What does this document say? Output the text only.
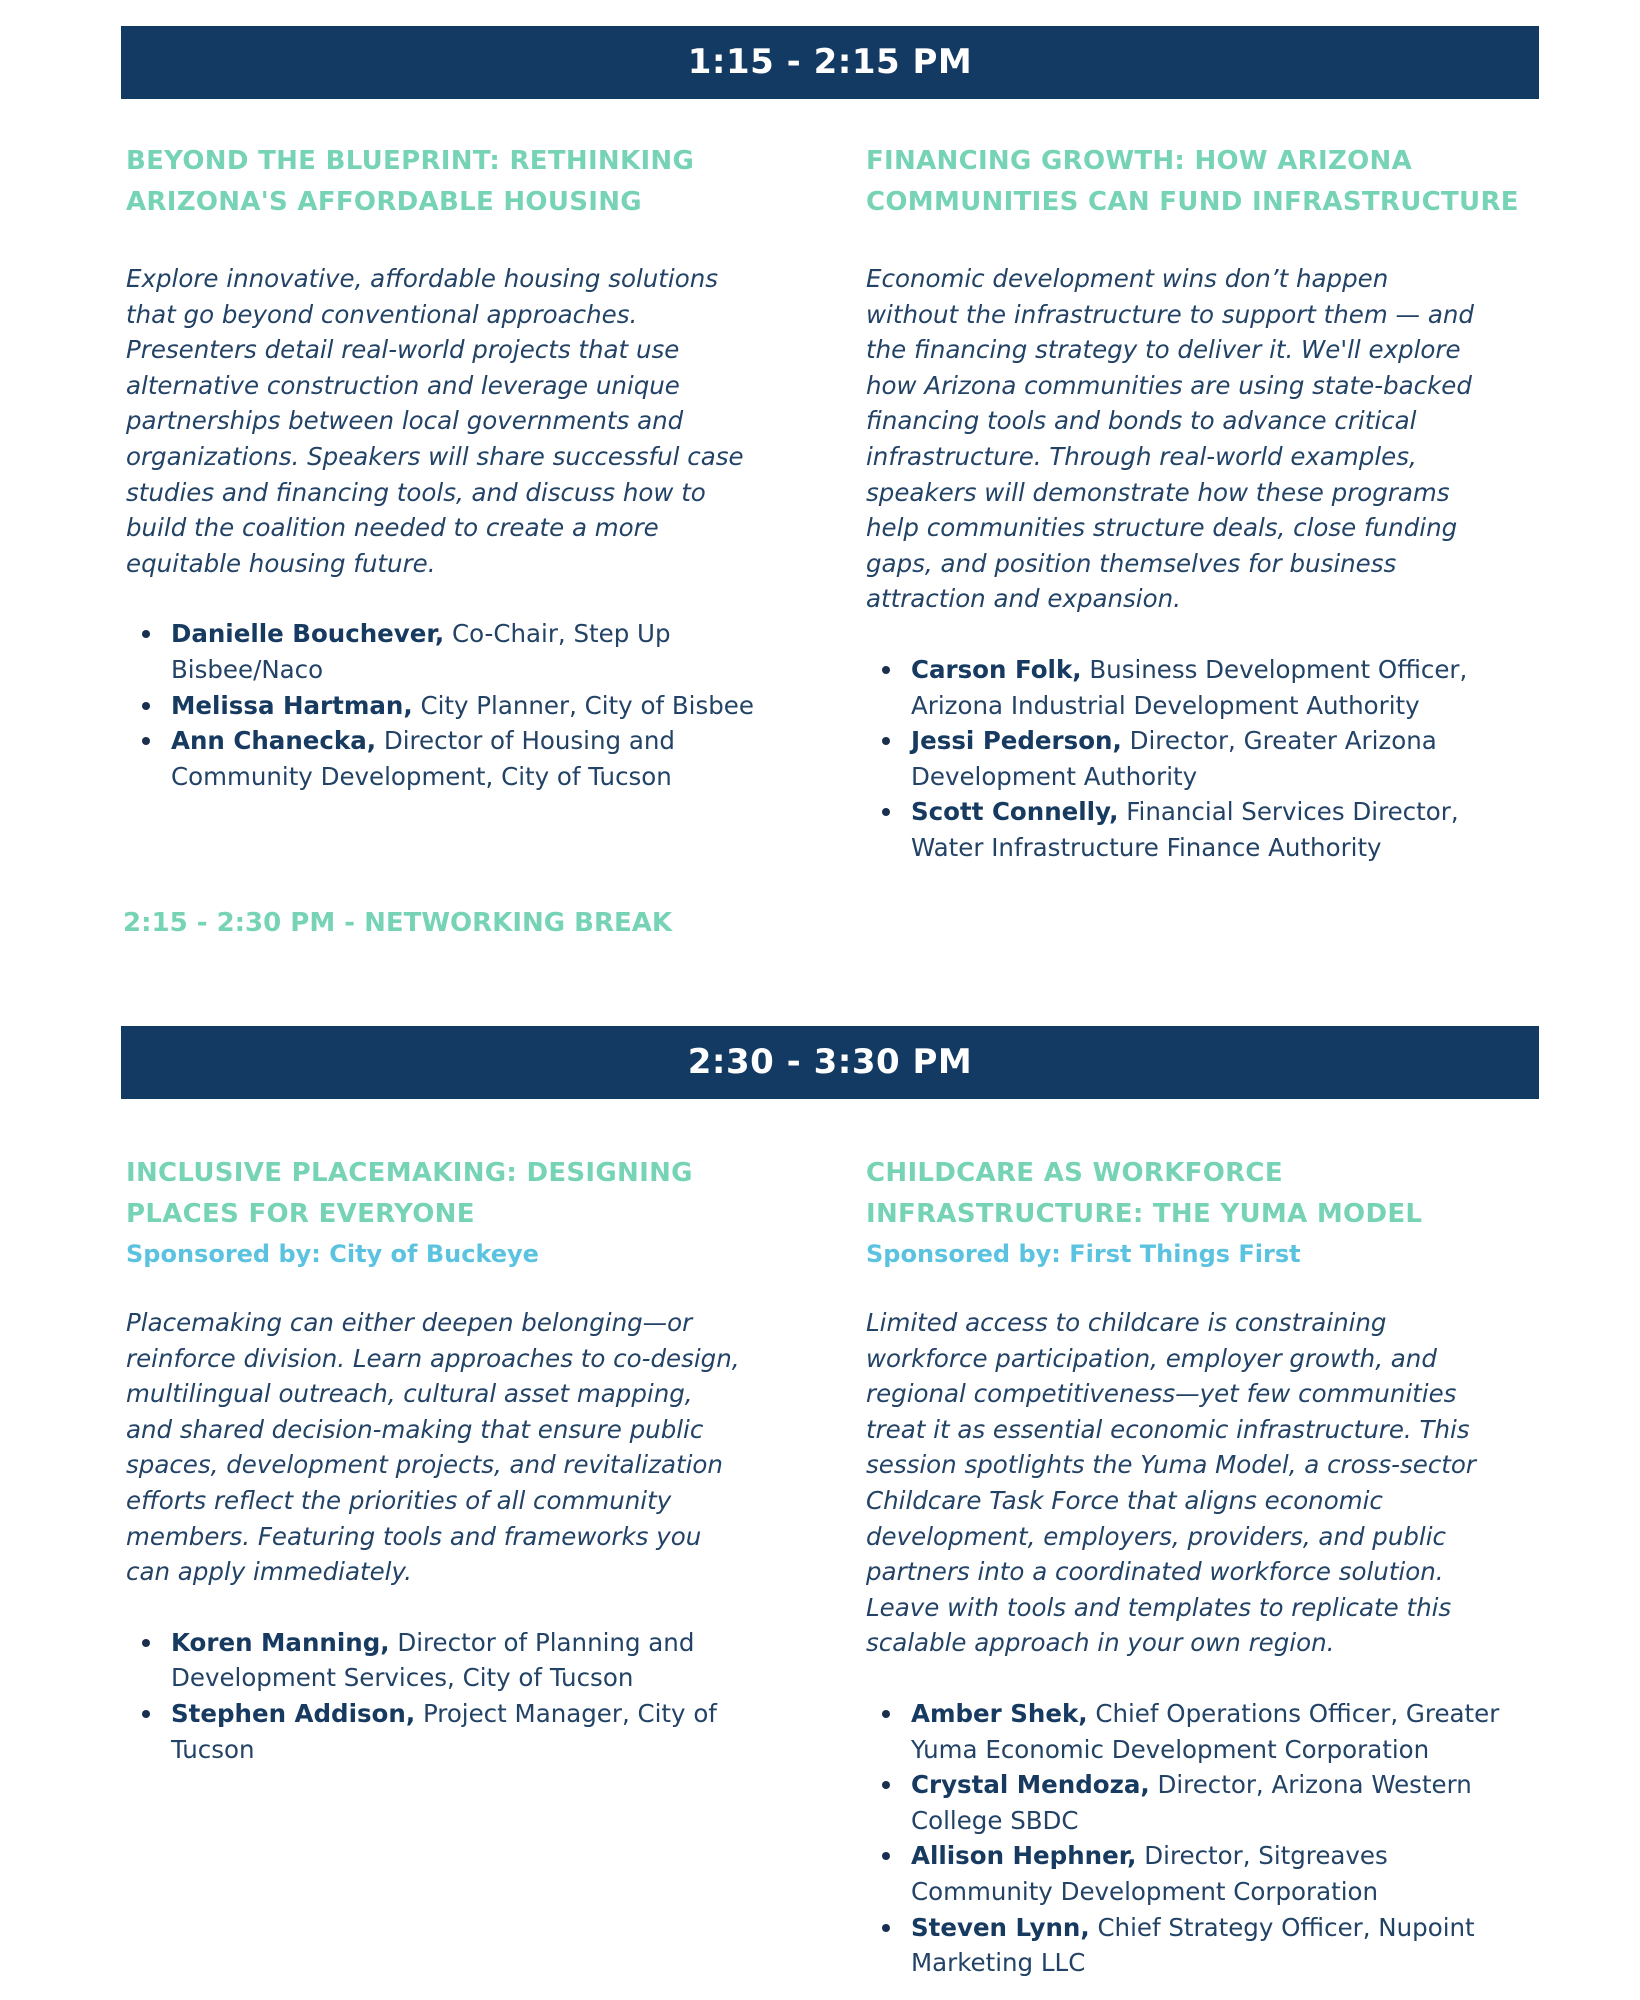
1:15 - 2:15 PM
BEYOND THE BLUEPRINT: RETHINKING
ARIZONA'S AFFORDABLE HOUSING

Explore innovative, affordable housing solutions
that go beyond conventional approaches.
Presenters detail real-world projects that use
alternative construction and leverage unique
partnerships between local governments and
organizations. Speakers will share successful case
studies and financing tools, and discuss how to
build the coalition needed to create a more
equitable housing future.

Danielle Bouchever, Co-Chair, Step Up
Bisbee/Naco
Melissa Hartman, City Planner, City of Bisbee
Ann Chanecka, Director of Housing and
Community Development, City of Tucson
FINANCING GROWTH: HOW ARIZONA
COMMUNITIES CAN FUND INFRASTRUCTURE

Economic development wins don’t happen
without the infrastructure to support them — and
the financing strategy to deliver it. We'll explore
how Arizona communities are using state-backed
financing tools and bonds to advance critical
infrastructure. Through real-world examples,
speakers will demonstrate how these programs
help communities structure deals, close funding
gaps, and position themselves for business
attraction and expansion.

Carson Folk, Business Development Officer,
Arizona Industrial Development Authority
Jessi Pederson, Director, Greater Arizona
Development Authority
Scott Connelly, Financial Services Director,
Water Infrastructure Finance Authority
2:15 - 2:30 PM - NETWORKING BREAK
2:30 - 3:30 PM
INCLUSIVE PLACEMAKING: DESIGNING
PLACES FOR EVERYONE

Sponsored by: City of Buckeye

Placemaking can either deepen belonging—or
reinforce division. Learn approaches to co-design,
multilingual outreach, cultural asset mapping,
and shared decision-making that ensure public
spaces, development projects, and revitalization
efforts reflect the priorities of all community
members. Featuring tools and frameworks you
can apply immediately.

Koren Manning, Director of Planning and
Development Services, City of Tucson
Stephen Addison, Project Manager, City of
Tucson
CHILDCARE AS WORKFORCE
INFRASTRUCTURE: THE YUMA MODEL

Sponsored by: First Things First

Limited access to childcare is constraining
workforce participation, employer growth, and
regional competitiveness—yet few communities
treat it as essential economic infrastructure. This
session spotlights the Yuma Model, a cross-sector
Childcare Task Force that aligns economic
development, employers, providers, and public
partners into a coordinated workforce solution.
Leave with tools and templates to replicate this
scalable approach in your own region.

Amber Shek, Chief Operations Officer, Greater
Yuma Economic Development Corporation
Crystal Mendoza, Director, Arizona Western
College SBDC
Allison Hephner, Director, Sitgreaves
Community Development Corporation
Steven Lynn, Chief Strategy Officer, Nupoint
Marketing LLC
